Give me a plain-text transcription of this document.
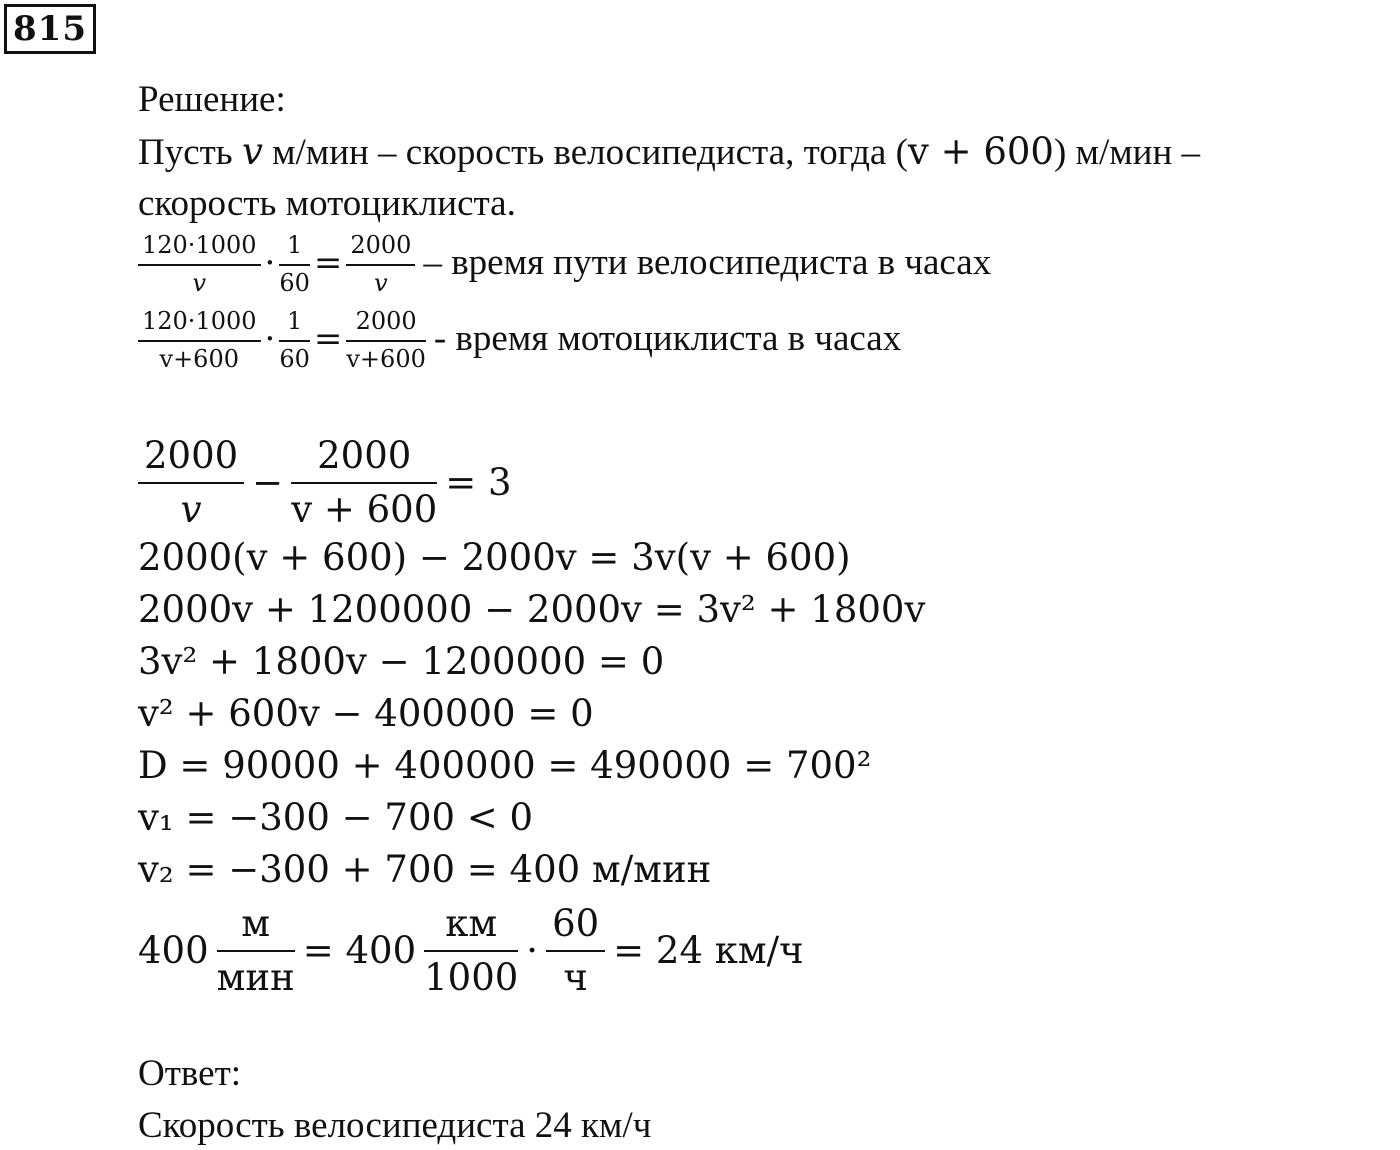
815
Решение:
Пусть v м/мин – скорость велосипедиста, тогда (v + 600) м/мин –
скорость мотоциклиста.
$\frac{120\cdot 1000}{v} \cdot \frac{1}{60} = \frac{2000}{v}$ – время пути велосипедиста в часах
$\frac{120\cdot 1000}{v+600} \cdot \frac{1}{60} = \frac{2000}{v+600}$ - время мотоциклиста в часах
$\frac{2000}{v} - \frac{2000}{v + 600} = 3$
2000(v + 600) − 2000v = 3v(v + 600)
2000v + 1200000 − 2000v = 3v² + 1800v
3v² + 1800v − 1200000 = 0
v² + 600v − 400000 = 0
D = 90000 + 400000 = 490000 = 700²
v₁ = −300 − 700 < 0
v₂ = −300 + 700 = 400 м/мин
$400 \frac{м}{\text{мин}} = 400 \frac{км}{1000} \cdot \frac{60}{ч} = 24$ км/ч
Ответ:
Скорость велосипедиста 24 км/ч
